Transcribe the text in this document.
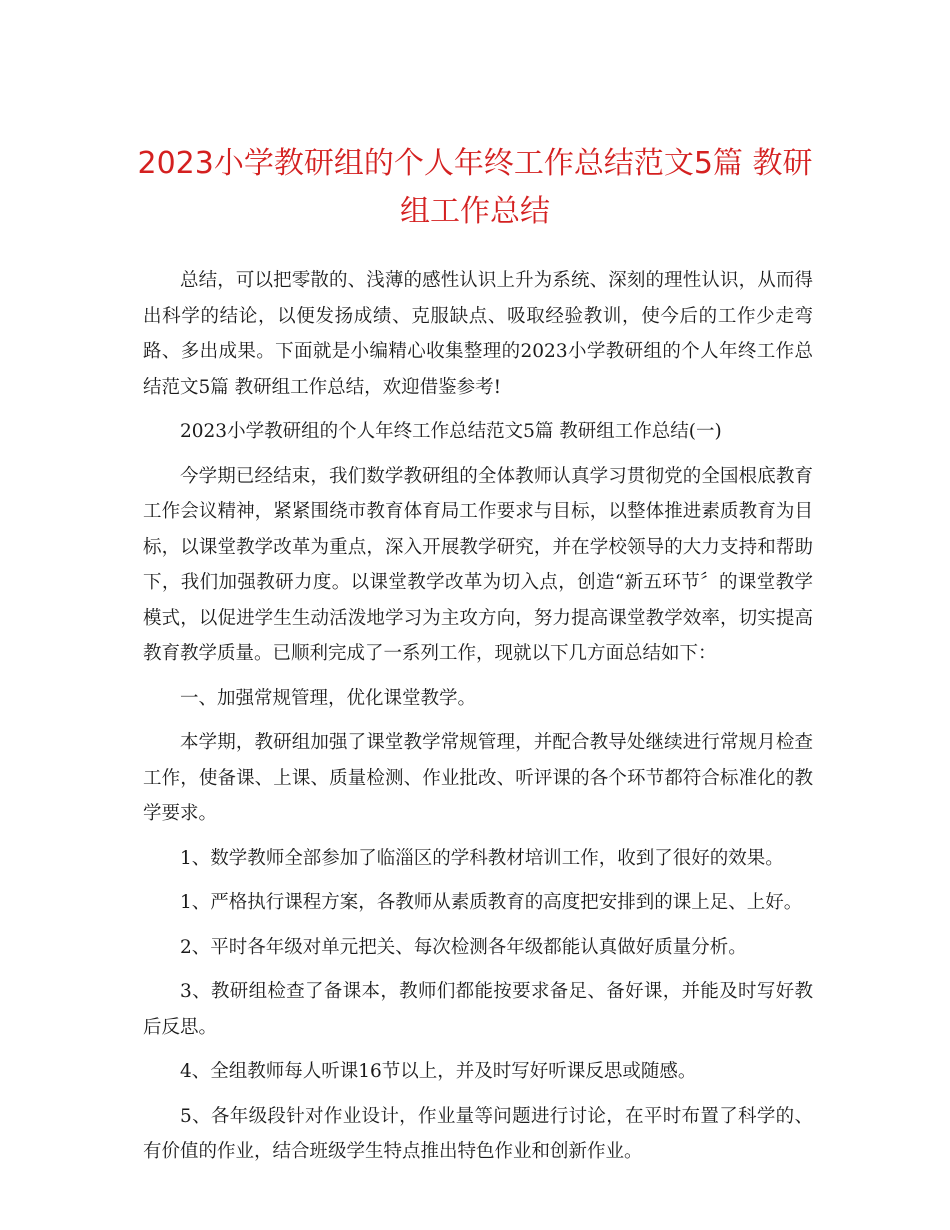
2023小学教研组的个人年终工作总结范文5篇 教研组工作总结

总结，可以把零散的、浅薄的感性认识上升为系统、深刻的理性认识，从而得出科学的结论，以便发扬成绩、克服缺点、吸取经验教训，使今后的工作少走弯路、多出成果。下面就是小编精心收集整理的2023小学教研组的个人年终工作总结范文5篇 教研组工作总结，欢迎借鉴参考!

2023小学教研组的个人年终工作总结范文5篇 教研组工作总结(一)

今学期已经结束，我们数学教研组的全体教师认真学习贯彻党的全国根底教育工作会议精神，紧紧围绕市教育体育局工作要求与目标，以整体推进素质教育为目标，以课堂教学改革为重点，深入开展教学研究，并在学校领导的大力支持和帮助下，我们加强教研力度。以课堂教学改革为切入点，创造“新五环节〞的课堂教学模式，以促进学生生动活泼地学习为主攻方向，努力提高课堂教学效率，切实提高教育教学质量。已顺利完成了一系列工作，现就以下几方面总结如下：

一、加强常规管理，优化课堂教学。

本学期，教研组加强了课堂教学常规管理，并配合教导处继续进行常规月检查工作，使备课、上课、质量检测、作业批改、听评课的各个环节都符合标准化的教学要求。

1、数学教师全部参加了临淄区的学科教材培训工作，收到了很好的效果。

1、严格执行课程方案，各教师从素质教育的高度把安排到的课上足、上好。

2、平时各年级对单元把关、每次检测各年级都能认真做好质量分析。

3、教研组检查了备课本，教师们都能按要求备足、备好课，并能及时写好教后反思。

4、全组教师每人听课16节以上，并及时写好听课反思或随感。

5、各年级段针对作业设计，作业量等问题进行讨论，在平时布置了科学的、有价值的作业，结合班级学生特点推出特色作业和创新作业。
